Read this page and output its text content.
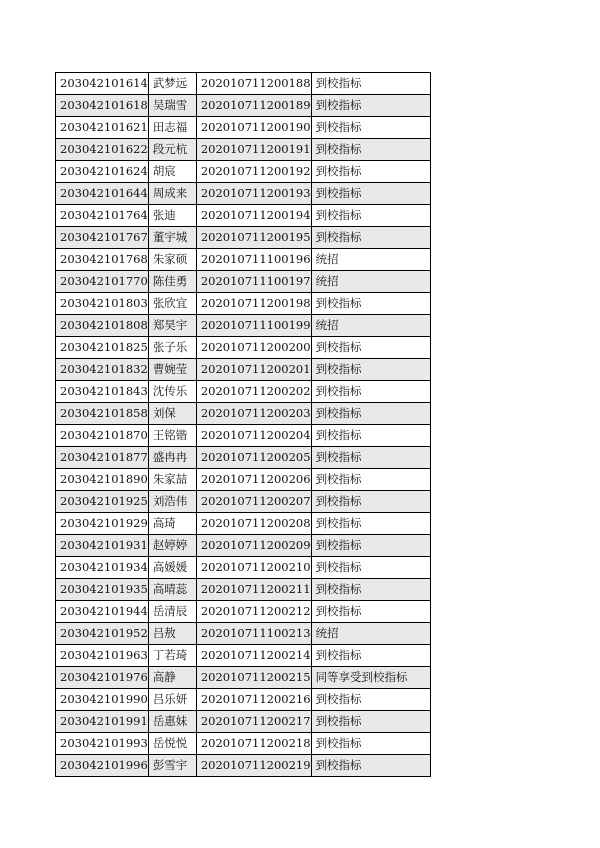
203042101614	武梦远	202010711200188	到校指标
203042101618	吴瑞雪	202010711200189	到校指标
203042101621	田志福	202010711200190	到校指标
203042101622	段元杭	202010711200191	到校指标
203042101624	胡宸	202010711200192	到校指标
203042101644	周成来	202010711200193	到校指标
203042101764	张迪	202010711200194	到校指标
203042101767	董宇城	202010711200195	到校指标
203042101768	朱家硕	202010711100196	统招
203042101770	陈佳勇	202010711100197	统招
203042101803	张欣宜	202010711200198	到校指标
203042101808	郑昊宇	202010711100199	统招
203042101825	张子乐	202010711200200	到校指标
203042101832	曹婉莹	202010711200201	到校指标
203042101843	沈传乐	202010711200202	到校指标
203042101858	刘保	202010711200203	到校指标
203042101870	王铭锴	202010711200204	到校指标
203042101877	盛冉冉	202010711200205	到校指标
203042101890	朱家喆	202010711200206	到校指标
203042101925	刘浩伟	202010711200207	到校指标
203042101929	高琦	202010711200208	到校指标
203042101931	赵婷婷	202010711200209	到校指标
203042101934	高媛媛	202010711200210	到校指标
203042101935	高晴蕊	202010711200211	到校指标
203042101944	岳清辰	202010711200212	到校指标
203042101952	吕敖	202010711100213	统招
203042101963	丁若琦	202010711200214	到校指标
203042101976	高静	202010711200215	同等享受到校指标
203042101990	吕乐妍	202010711200216	到校指标
203042101991	岳惠妹	202010711200217	到校指标
203042101993	岳悦悦	202010711200218	到校指标
203042101996	彭雪宇	202010711200219	到校指标
